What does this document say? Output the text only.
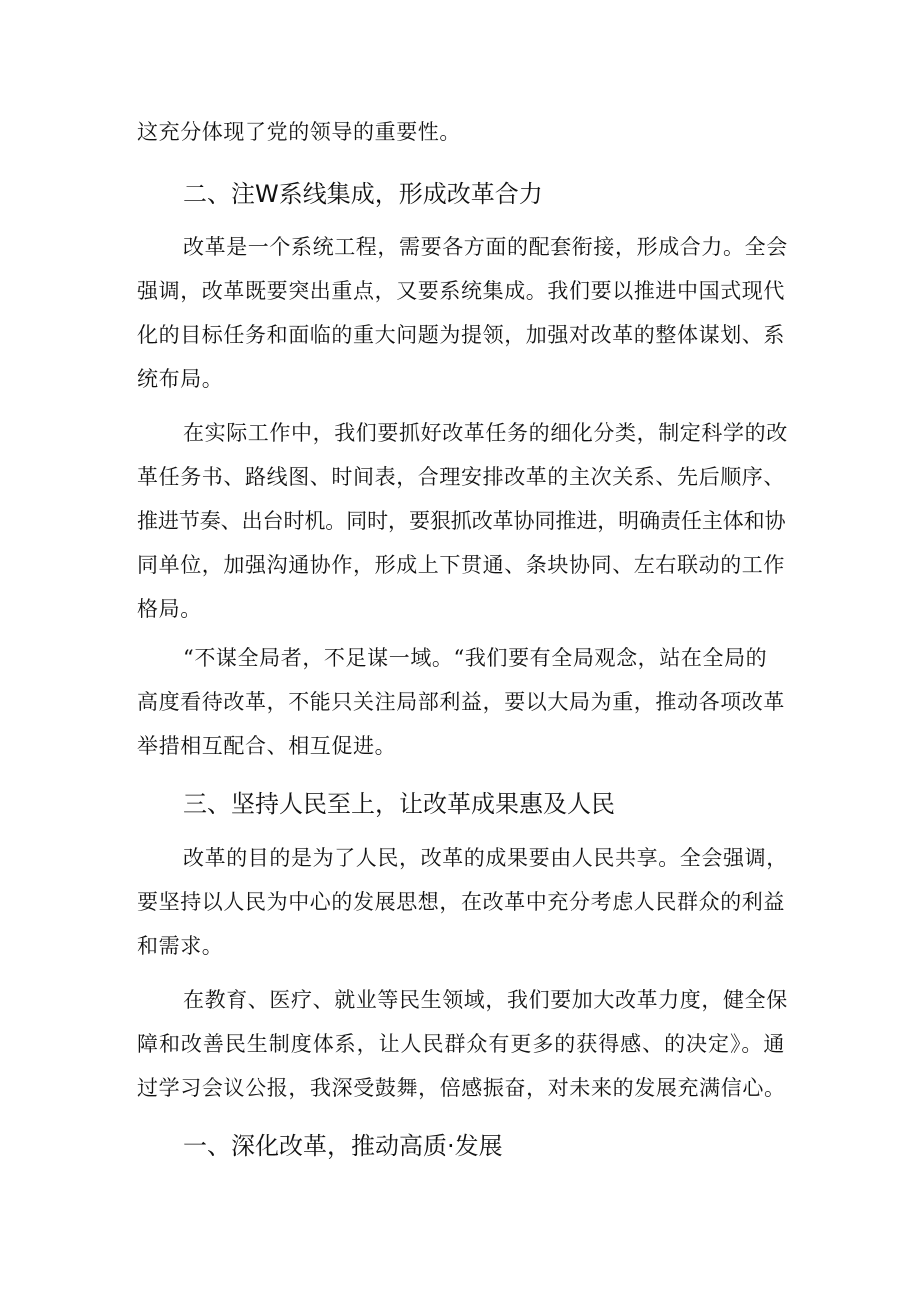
这充分体现了党的领导的重要性。
二、注W系线集成，形成改革合力
改革是一个系统工程，需要各方面的配套衔接，形成合力。全会
强调，改革既要突出重点，又要系统集成。我们要以推进中国式现代
化的目标任务和面临的重大问题为提领，加强对改革的整体谋划、系
统布局。
在实际工作中，我们要抓好改革任务的细化分类，制定科学的改
革任务书、路线图、时间表，合理安排改革的主次关系、先后顺序、
推进节奏、出台时机。同时，要狠抓改革协同推进，明确责任主体和协
同单位，加强沟通协作，形成上下贯通、条块协同、左右联动的工作
格局。
“不谋全局者，不足谋一域。“我们要有全局观念，站在全局的
高度看待改革，不能只关注局部利益，要以大局为重，推动各项改革
举措相互配合、相互促进。
三、坚持人民至上，让改革成果惠及人民
改革的目的是为了人民，改革的成果要由人民共享。全会强调，
要坚持以人民为中心的发展思想，在改革中充分考虑人民群众的利益
和需求。
在教育、医疗、就业等民生领域，我们要加大改革力度，健全保
障和改善民生制度体系，让人民群众有更多的获得感、的决定》。通
过学习会议公报，我深受鼓舞，倍感振奋，对未来的发展充满信心。
一、深化改革，推动高质·发展
